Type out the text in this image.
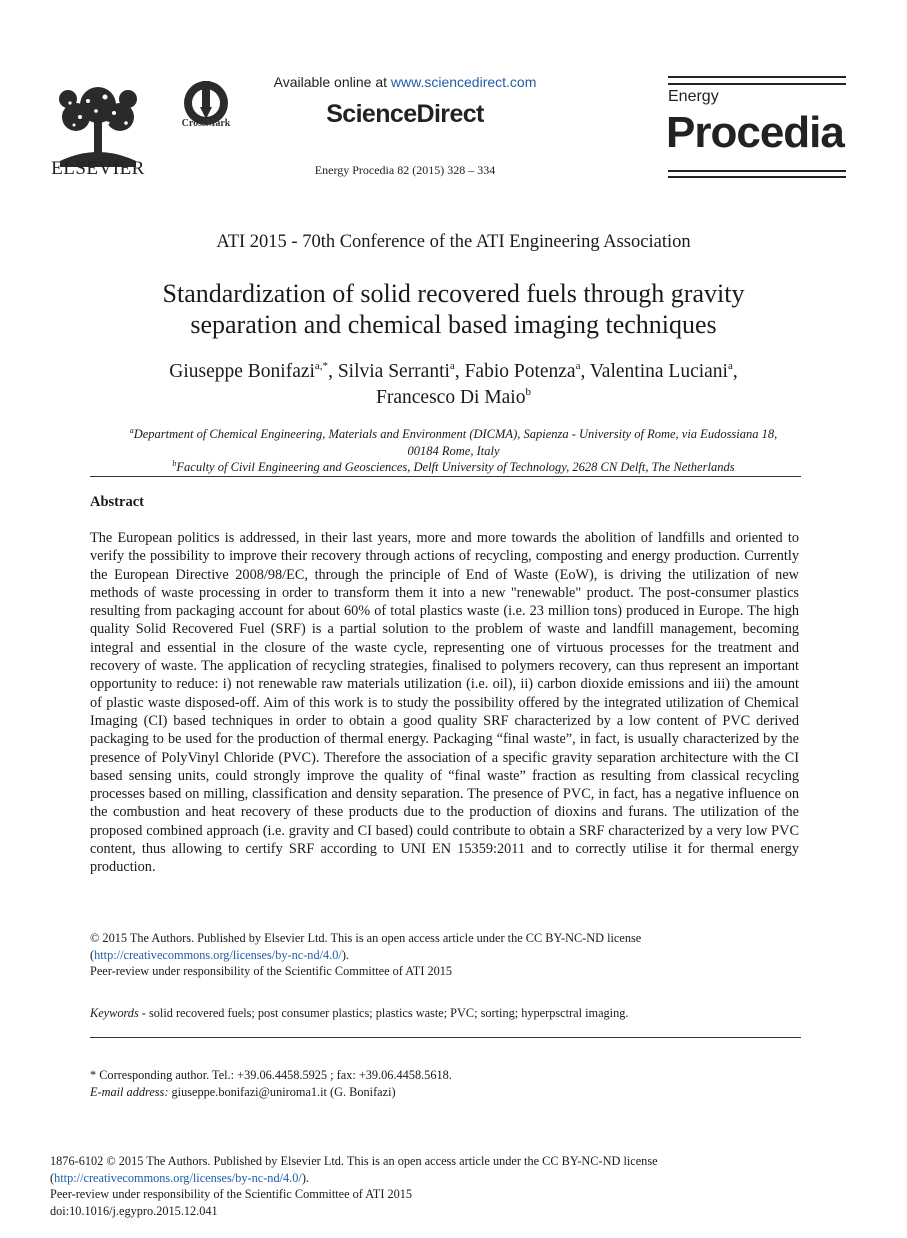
ELSEVIER
CrossMark
Available online at www.sciencedirect.com
ScienceDirect
Energy Procedia 82 (2015) 328 – 334
Energy
Procedia
ATI 2015 - 70th Conference of the ATI Engineering Association
Standardization of solid recovered fuels through gravity
separation and chemical based imaging techniques
Giuseppe Bonifazi$^{a,*}$, Silvia Serranti$^a$, Fabio Potenza$^a$, Valentina Luciani$^a$,
Francesco Di Maio$^b$
$^a$Department of Chemical Engineering, Materials and Environment (DICMA), Sapienza - University of Rome, via Eudossiana 18,
00184 Rome, Italy
$^b$Faculty of Civil Engineering and Geosciences, Delft University of Technology, 2628 CN Delft, The Netherlands
Abstract
The European politics is addressed, in their last years, more and more towards the abolition of landfills and oriented to verify the possibility to improve their recovery through actions of recycling, composting and energy production. Currently the European Directive 2008/98/EC, through the principle of End of Waste (EoW), is driving the utilization of new methods of waste processing in order to transform them it into a new "renewable" product. The post-consumer plastics resulting from packaging account for about 60% of total plastics waste (i.e. 23 million tons) produced in Europe. The high quality Solid Recovered Fuel (SRF) is a partial solution to the problem of waste and landfill management, becoming integral and essential in the closure of the waste cycle, representing one of virtuous processes for the treatment and recovery of waste. The application of recycling strategies, finalised to polymers recovery, can thus represent an important opportunity to reduce: i) not renewable raw materials utilization (i.e. oil), ii) carbon dioxide emissions and iii) the amount of plastic waste disposed-off. Aim of this work is to study the possibility offered by the integrated utilization of Chemical Imaging (CI) based techniques in order to obtain a good quality SRF characterized by a low content of PVC derived packaging to be used for the production of thermal energy. Packaging “final waste”, in fact, is usually characterized by the presence of PolyVinyl Chloride (PVC). Therefore the association of a specific gravity separation architecture with the CI based sensing units, could strongly improve the quality of “final waste” fraction as resulting from classical recycling processes based on milling, classification and density separation. The presence of PVC, in fact, has a negative influence on the combustion and heat recovery of these products due to the production of dioxins and furans. The utilization of the proposed combined approach (i.e. gravity and CI based) could contribute to obtain a SRF characterized by a very low PVC content, thus allowing to certify SRF according to UNI EN 15359:2011 and to correctly utilise it for thermal energy production.
© 2015 The Authors. Published by Elsevier Ltd. This is an open access article under the CC BY-NC-ND license
(http://creativecommons.org/licenses/by-nc-nd/4.0/).
Peer-review under responsibility of the Scientific Committee of ATI 2015
Keywords - solid recovered fuels; post consumer plastics; plastics waste; PVC; sorting; hyperpsctral imaging.
* Corresponding author. Tel.: +39.06.4458.5925 ; fax: +39.06.4458.5618.
E-mail address: giuseppe.bonifazi@uniroma1.it (G. Bonifazi)
1876-6102 © 2015 The Authors. Published by Elsevier Ltd. This is an open access article under the CC BY-NC-ND license
(http://creativecommons.org/licenses/by-nc-nd/4.0/).
Peer-review under responsibility of the Scientific Committee of ATI 2015
doi:10.1016/j.egypro.2015.12.041
